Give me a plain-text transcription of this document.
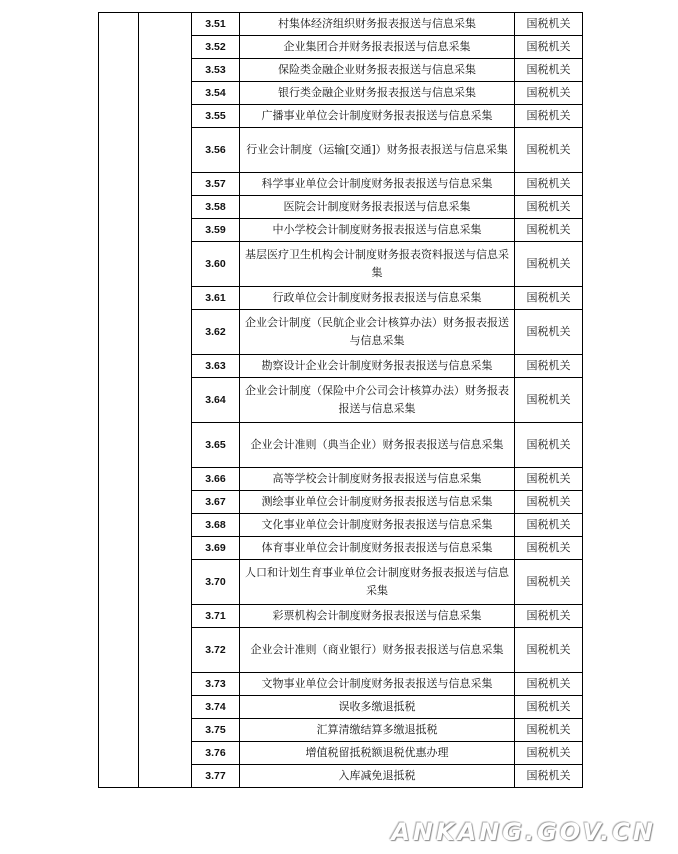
		3.51	村集体经济组织财务报表报送与信息采集	国税机关
		3.52	企业集团合并财务报表报送与信息采集	国税机关
		3.53	保险类金融企业财务报表报送与信息采集	国税机关
		3.54	银行类金融企业财务报表报送与信息采集	国税机关
		3.55	广播事业单位会计制度财务报表报送与信息采集	国税机关
		3.56	行业会计制度（运输[交通]）财务报表报送与信息采集	国税机关
		3.57	科学事业单位会计制度财务报表报送与信息采集	国税机关
		3.58	医院会计制度财务报表报送与信息采集	国税机关
		3.59	中小学校会计制度财务报表报送与信息采集	国税机关
		3.60	基层医疗卫生机构会计制度财务报表资料报送与信息采集	国税机关
		3.61	行政单位会计制度财务报表报送与信息采集	国税机关
		3.62	企业会计制度（民航企业会计核算办法）财务报表报送与信息采集	国税机关
		3.63	勘察设计企业会计制度财务报表报送与信息采集	国税机关
		3.64	企业会计制度（保险中介公司会计核算办法）财务报表报送与信息采集	国税机关
		3.65	企业会计准则（典当企业）财务报表报送与信息采集	国税机关
		3.66	高等学校会计制度财务报表报送与信息采集	国税机关
		3.67	测绘事业单位会计制度财务报表报送与信息采集	国税机关
		3.68	文化事业单位会计制度财务报表报送与信息采集	国税机关
		3.69	体育事业单位会计制度财务报表报送与信息采集	国税机关
		3.70	人口和计划生育事业单位会计制度财务报表报送与信息采集	国税机关
		3.71	彩票机构会计制度财务报表报送与信息采集	国税机关
		3.72	企业会计准则（商业银行）财务报表报送与信息采集	国税机关
		3.73	文物事业单位会计制度财务报表报送与信息采集	国税机关
		3.74	误收多缴退抵税	国税机关
		3.75	汇算清缴结算多缴退抵税	国税机关
		3.76	增值税留抵税额退税优惠办理	国税机关
		3.77	入库减免退抵税	国税机关
ANKANG.GOV.CN
